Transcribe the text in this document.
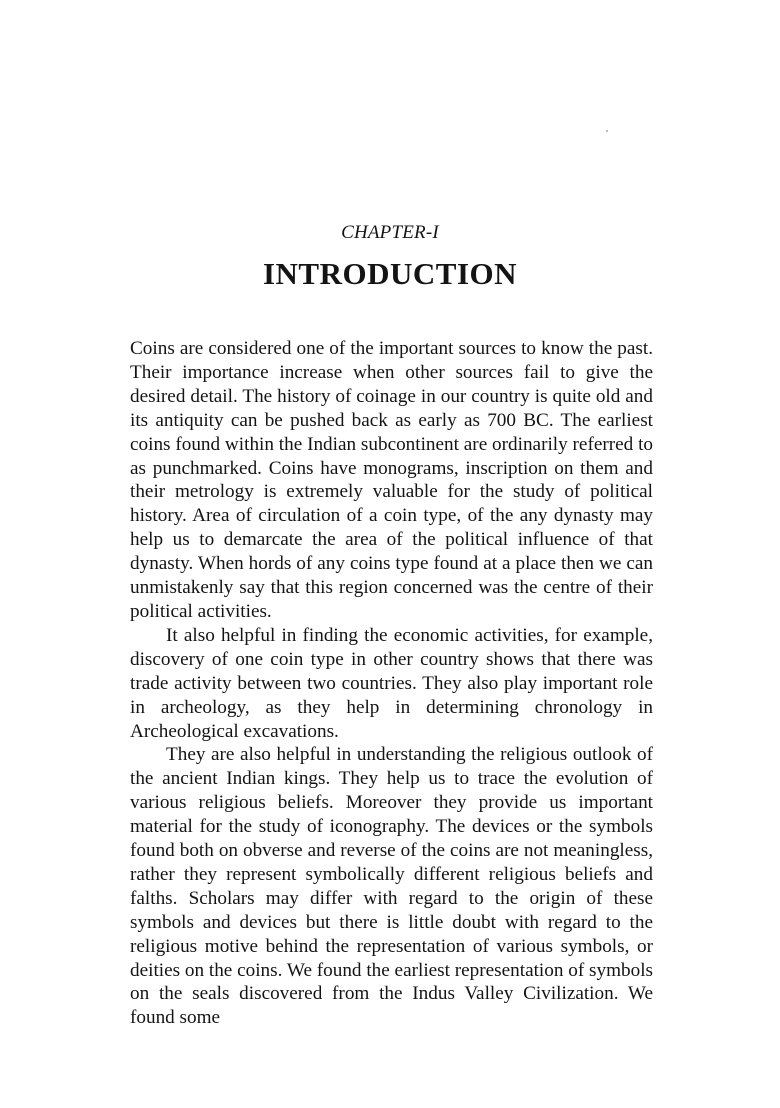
CHAPTER-I
INTRODUCTION

Coins are considered one of the important sources to know the past. Their importance increase when other sources fail to give the desired detail. The history of coinage in our country is quite old and its antiquity can be pushed back as early as 700 BC. The earliest coins found within the Indian subcontinent are ordinarily referred to as punchmarked. Coins have monograms, inscription on them and their metrology is extremely valuable for the study of political history. Area of circulation of a coin type, of the any dynasty may help us to demarcate the area of the political influence of that dynasty. When hords of any coins type found at a place then we can unmistakenly say that this region concerned was the centre of their political activities.

It also helpful in finding the economic activities, for example, discovery of one coin type in other country shows that there was trade activity between two countries. They also play important role in archeology, as they help in determining chronology in Archeological excavations.

They are also helpful in understanding the religious outlook of the ancient Indian kings. They help us to trace the evolution of various religious beliefs. Moreover they provide us important material for the study of iconography. The devices or the symbols found both on obverse and reverse of the coins are not meaningless, rather they represent symbolically different religious beliefs and falths. Scholars may differ with regard to the origin of these symbols and devices but there is little doubt with regard to the religious motive behind the representation of various symbols, or deities on the coins. We found the earliest representation of symbols on the seals discovered from the Indus Valley Civilization. We found some
